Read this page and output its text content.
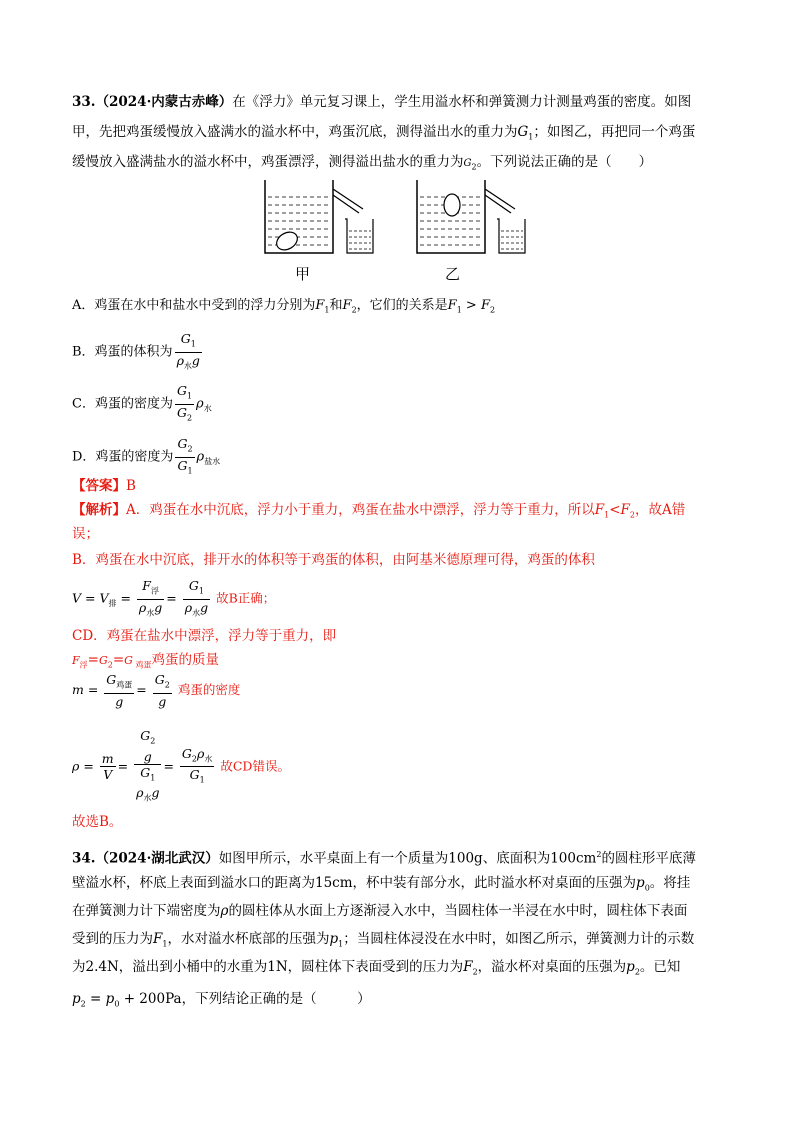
33.（2024·内蒙古赤峰）在《浮力》单元复习课上，学生用溢水杯和弹簧测力计测量鸡蛋的密度。如图
甲，先把鸡蛋缓慢放入盛满水的溢水杯中，鸡蛋沉底，测得溢出水的重力为$G_1$；如图乙，再把同一个鸡蛋
缓慢放入盛满盐水的溢水杯中，鸡蛋漂浮，测得溢出盐水的重力为$G_2$。下列说法正确的是（　　）
甲	乙
A．鸡蛋在水中和盐水中受到的浮力分别为$F_1$和$F_2$，它们的关系是$F_1 > F_2$
B．鸡蛋的体积为 $\frac{G_1}{\rho_水g}$
C．鸡蛋的密度为 $\frac{G_1}{G_2} \rho_水$
D．鸡蛋的密度为 $\frac{G_2}{G_1} \rho_{盐水}$
【答案】B
【解析】A．鸡蛋在水中沉底，浮力小于重力，鸡蛋在盐水中漂浮，浮力等于重力，所以$F_1<F_2$，故A错
误；
B．鸡蛋在水中沉底，排开水的体积等于鸡蛋的体积，由阿基米德原理可得，鸡蛋的体积
$V = V_排 = \frac{F_浮}{\rho_水g} = \frac{G_1}{\rho_水g}$ 故B正确；
CD．鸡蛋在盐水中漂浮，浮力等于重力，即
$F_浮=G_2=G$ $_{鸡蛋}$鸡蛋的质量
$m = \frac{G_{鸡蛋}}{g} = \frac{G_2}{g}$ 鸡蛋的密度
$\rho = \frac{m}{V}$ =
$G_2$
g
$G_1$
$\rho_水g$
= $\frac{G_2\rho_水}{G_1}$ 故CD错误。
故选B。
34.（2024·湖北武汉）如图甲所示，水平桌面上有一个质量为100g、底面积为$100cm^2$的圆柱形平底薄
壁溢水杯，杯底上表面到溢水口的距离为15cm，杯中装有部分水，此时溢水杯对桌面的压强为$p_0$。将挂
在弹簧测力计下端密度为ρ的圆柱体从水面上方逐渐浸入水中，当圆柱体一半浸在水中时，圆柱体下表面
受到的压力为$F_1$，水对溢水杯底部的压强为$p_1$；当圆柱体浸没在水中时，如图乙所示，弹簧测力计的示数
为2.4N，溢出到小桶中的水重为1N，圆柱体下表面受到的压力为$F_2$，溢水杯对桌面的压强为$p_2$。已知
$p_2 = p_0 + 200Pa$，下列结论正确的是（　　　）
